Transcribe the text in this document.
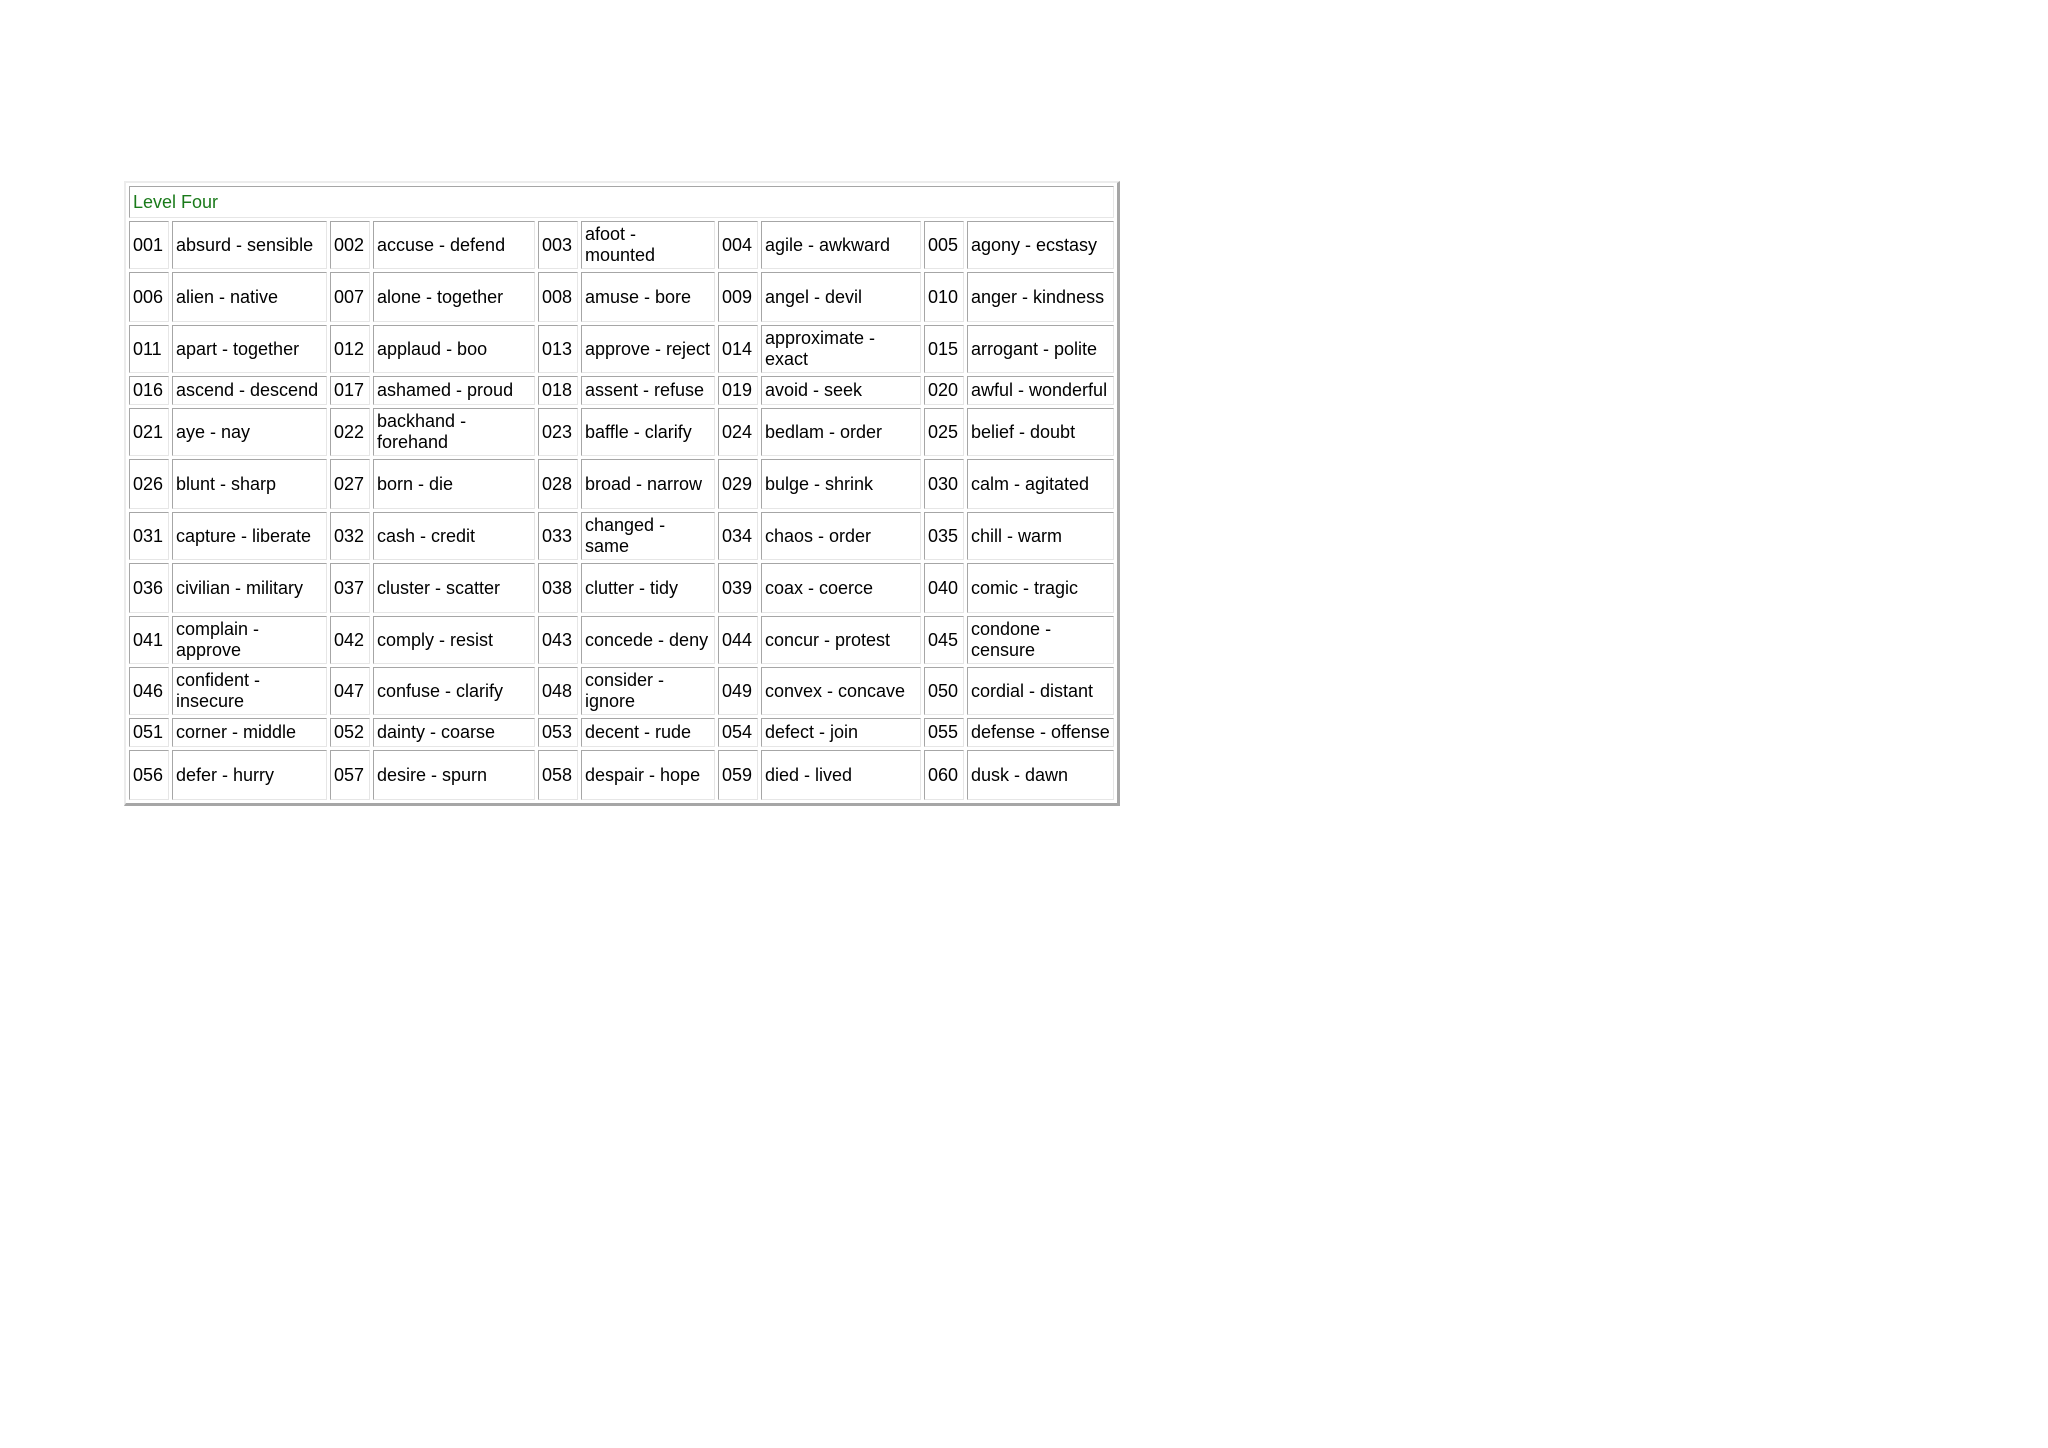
Level Four									
001	absurd - sensible	002	accuse - defend	003	afoot - mounted	004	agile - awkward	005	agony - ecstasy
006	alien - native	007	alone - together	008	amuse - bore	009	angel - devil	010	anger - kindness
011	apart - together	012	applaud - boo	013	approve - reject	014	approximate - exact	015	arrogant - polite
016	ascend - descend	017	ashamed - proud	018	assent - refuse	019	avoid - seek	020	awful - wonderful
021	aye - nay	022	backhand - forehand	023	baffle - clarify	024	bedlam - order	025	belief - doubt
026	blunt - sharp	027	born - die	028	broad - narrow	029	bulge - shrink	030	calm - agitated
031	capture - liberate	032	cash - credit	033	changed - same	034	chaos - order	035	chill - warm
036	civilian - military	037	cluster - scatter	038	clutter - tidy	039	coax - coerce	040	comic - tragic
041	complain - approve	042	comply - resist	043	concede - deny	044	concur - protest	045	condone - censure
046	confident - insecure	047	confuse - clarify	048	consider - ignore	049	convex - concave	050	cordial - distant
051	corner - middle	052	dainty - coarse	053	decent - rude	054	defect - join	055	defense - offense
056	defer - hurry	057	desire - spurn	058	despair - hope	059	died - lived	060	dusk - dawn
